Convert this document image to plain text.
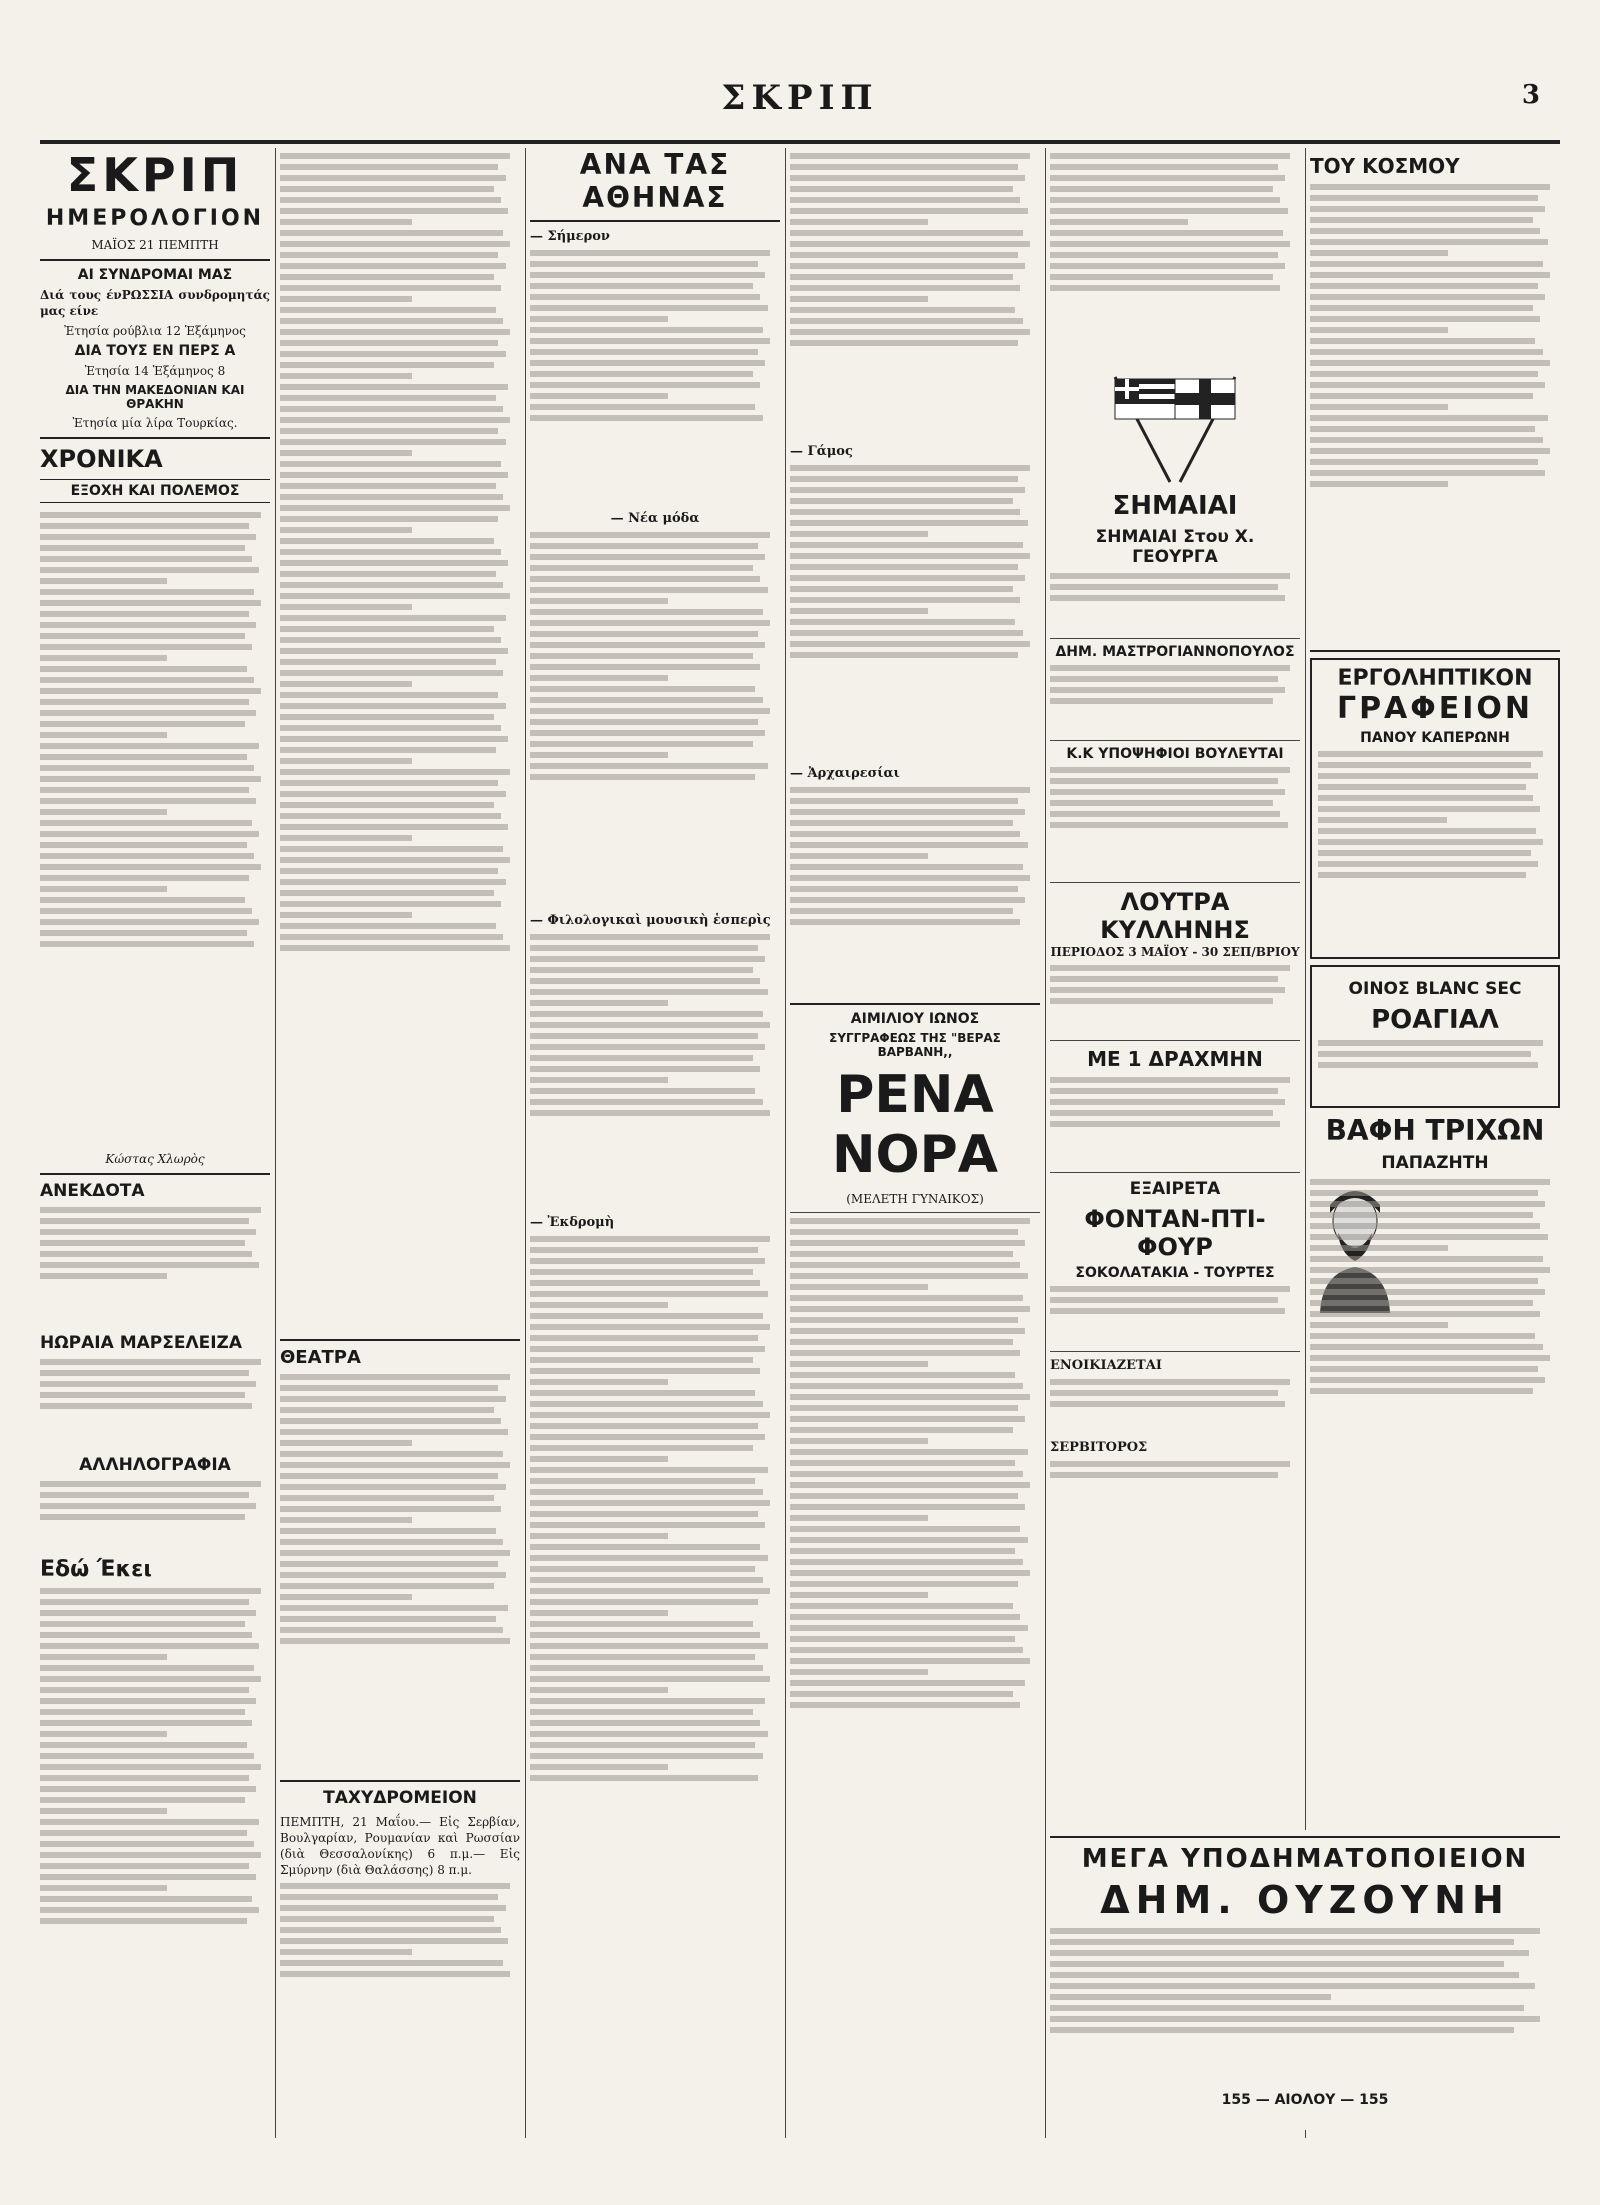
ΣΚΡΙΠ	3
ΣΚΡΙΠ
ΗΜΕΡΟΛΟΓΙΟΝ
ΜΑΪΟΣ 21 ΠΕΜΠΤΗ
ΑΙ ΣΥΝΔΡΟΜΑΙ ΜΑΣ
Διά τους ένΡΩΣΣΙΑ συνδρομητάς μας είνε
Ἐτησία ρούβλια 12 Ἑξάμηνος
ΔΙΑ ΤΟΥΣ ΕΝ ΠΕΡΣ Α
Ἐτησία 14 Ἑξάμηνος 8
ΔΙΑ ΤΗΝ ΜΑΚΕΔΟΝΙΑΝ ΚΑΙ ΘΡΑΚΗΝ
Ἐτησία μία λίρα Τουρκίας.
ΧΡΟΝΙΚΑ
ΕΞΟΧΗ ΚΑΙ ΠΟΛΕΜΟΣ
Κώστας Χλωρὸς
ΑΝΕΚΔΟΤΑ
ΗΩΡΑΙΑ ΜΑΡΣΕΛΕΙΖΑ
ΑΛΛΗΛΟΓΡΑΦΙΑ
Εδώ Έκει
ΘΕΑΤΡΑ
ΤΑΧΥΔΡΟΜΕΙΟΝ
ΠΕΜΠΤΗ, 21 Μαΐου.— Εἰς Σερβίαν, Βουλγαρίαν, Ρουμανίαν καὶ Ρωσσίαν (διὰ Θεσσαλονίκης) 6 π.μ.— Εἰς Σμύρνην (διὰ Θαλάσσης) 8 π.μ.
ΑΝΑ ΤΑΣ ΑΘΗΝΑΣ
— Σήμερον
— Νέα μόδα
— Φιλολογικαὶ μουσικὴ ἑσπερὶς
— Ἐκδρομὴ
— Γάμος
— Ἀρχαιρεσίαι
ΑΙΜΙΛΙΟΥ ΙΩΝΟΣ
ΣΥΓΓΡΑΦΕΩΣ ΤΗΣ "ΒΕΡΑΣ ΒΑΡΒΑΝΗ,,
ΡΕΝΑ ΝΟΡΑ
(ΜΕΛΕΤΗ ΓΥΝΑΙΚΟΣ)
ΣΗΜΑΙΑΙ
ΣΗΜΑΙΑΙ Στου Χ. ΓΕΟΥΡΓΑ
ΔΗΜ. ΜΑΣΤΡΟΓΙΑΝΝΟΠΟΥΛΟΣ
Κ.Κ ΥΠΟΨΗΦΙΟΙ ΒΟΥΛΕΥΤΑΙ
ΛΟΥΤΡΑ ΚΥΛΛΗΝΗΣ
ΠΕΡΙΟΔΟΣ 3 ΜΑΪΟΥ - 30 ΣΕΠ/ΒΡΙΟΥ
ΜΕ 1 ΔΡΑΧΜΗΝ
ΕΞΑΙΡΕΤΑ
ΦΟΝΤΑΝ-ΠΤΙ-ΦΟΥΡ
ΣΟΚΟΛΑΤΑΚΙΑ - ΤΟΥΡΤΕΣ
ΕΝΟΙΚΙΑΖΕΤΑΙ
ΣΕΡΒΙΤΟΡΟΣ
ΤΟΥ ΚΟΣΜΟΥ
ΕΡΓΟΛΗΠΤΙΚΟΝ
ΓΡΑΦΕΙΟΝ
ΠΑΝΟΥ ΚΑΠΕΡΩΝΗ
ΟΙΝΟΣ BLANC SEC
ΡΟΑΓΙΑΛ
ΒΑΦΗ ΤΡΙΧΩΝ
ΠΑΠΑΖΗΤΗ
ΜΕΓΑ ΥΠΟΔΗΜΑΤΟΠΟΙΕΙΟΝ
ΔΗΜ. ΟΥΖΟΥΝΗ
155 — ΑΙΟΛΟΥ — 155
